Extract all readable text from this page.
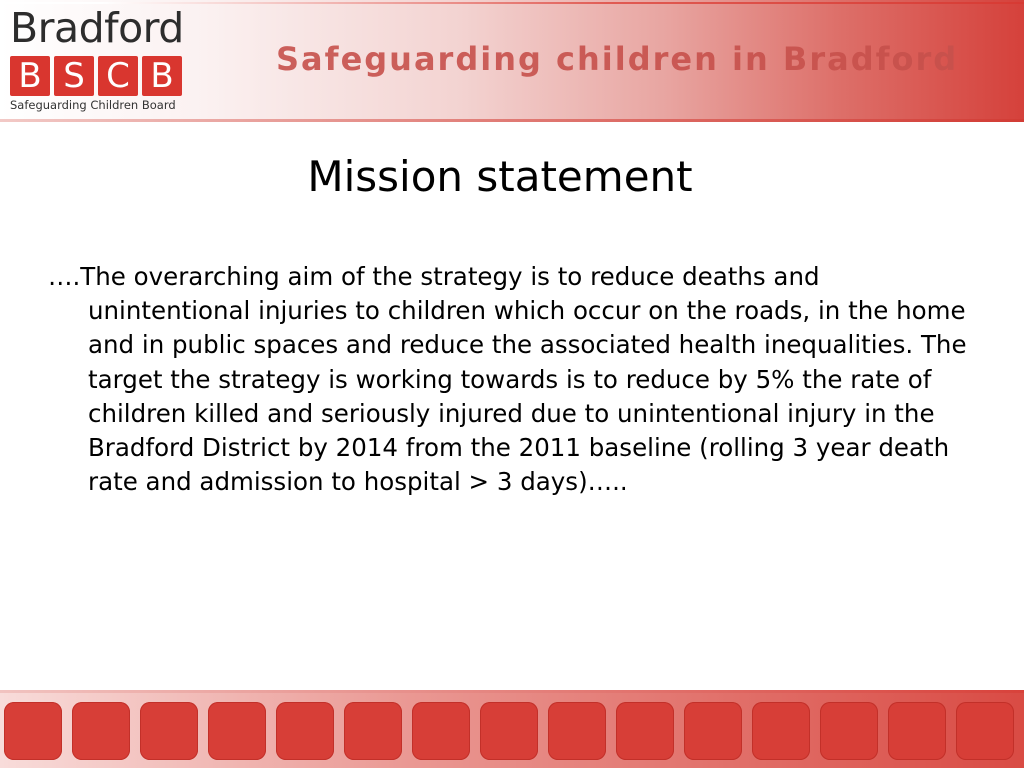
Bradford
B S C B
Safeguarding Children Board
Safeguarding children in Bradford
Mission statement

….The overarching aim of the strategy is to reduce deaths and unintentional injuries to children which occur on the roads, in the home and in public spaces and reduce the associated health inequalities. The target the strategy is working towards is to reduce by 5% the rate of children killed and seriously injured due to unintentional injury in the Bradford District by 2014 from the 2011 baseline (rolling 3 year death rate and admission to hospital > 3 days)…..
